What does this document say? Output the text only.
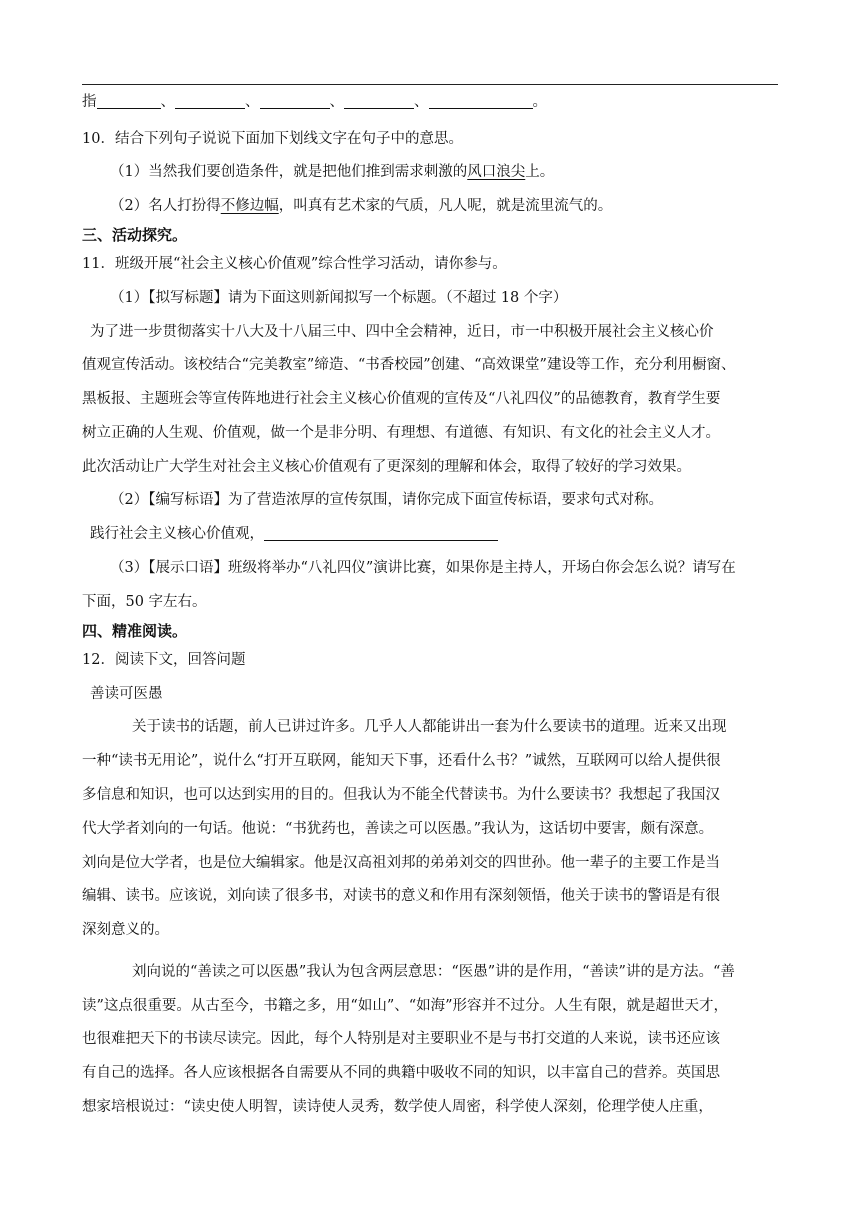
指	、	、	、	、	。
10．结合下列句子说说下面加下划线文字在句子中的意思。
（1）当然我们要创造条件，就是把他们推到需求刺激的风口浪尖上。
（2）名人打扮得不修边幅，叫真有艺术家的气质，凡人呢，就是流里流气的。
三、活动探究。
11．班级开展“社会主义核心价值观”综合性学习活动，请你参与。
（1）【拟写标题】请为下面这则新闻拟写一个标题。（不超过 18 个字）
为了进一步贯彻落实十八大及十八届三中、四中全会精神，近日，市一中积极开展社会主义核心价
值观宣传活动。该校结合“完美教室”缔造、“书香校园”创建、“高效课堂”建设等工作，充分利用橱窗、
黑板报、主题班会等宣传阵地进行社会主义核心价值观的宣传及“八礼四仪”的品德教育，教育学生要
树立正确的人生观、价值观，做一个是非分明、有理想、有道德、有知识、有文化的社会主义人才。
此次活动让广大学生对社会主义核心价值观有了更深刻的理解和体会，取得了较好的学习效果。
（2）【编写标语】为了营造浓厚的宣传氛围，请你完成下面宣传标语，要求句式对称。
践行社会主义核心价值观，
（3）【展示口语】班级将举办“八礼四仪”演讲比赛，如果你是主持人，开场白你会怎么说？请写在
下面，50 字左右。
四、精准阅读。
12．阅读下文，回答问题
善读可医愚
关于读书的话题，前人已讲过许多。几乎人人都能讲出一套为什么要读书的道理。近来又出现
一种“读书无用论”，说什么“打开互联网，能知天下事，还看什么书？”诚然，互联网可以给人提供很
多信息和知识，也可以达到实用的目的。但我认为不能全代替读书。为什么要读书？我想起了我国汉
代大学者刘向的一句话。他说：“书犹药也，善读之可以医愚。”我认为，这话切中要害，颇有深意。
刘向是位大学者，也是位大编辑家。他是汉高祖刘邦的弟弟刘交的四世孙。他一辈子的主要工作是当
编辑、读书。应该说，刘向读了很多书，对读书的意义和作用有深刻领悟，他关于读书的警语是有很
深刻意义的。
刘向说的“善读之可以医愚”我认为包含两层意思：“医愚”讲的是作用，“善读”讲的是方法。“善
读”这点很重要。从古至今，书籍之多，用“如山”、“如海”形容并不过分。人生有限，就是超世天才，
也很难把天下的书读尽读完。因此，每个人特别是对主要职业不是与书打交道的人来说，读书还应该
有自己的选择。各人应该根据各自需要从不同的典籍中吸收不同的知识，以丰富自己的营养。英国思
想家培根说过：“读史使人明智，读诗使人灵秀，数学使人周密，科学使人深刻，伦理学使人庄重，
